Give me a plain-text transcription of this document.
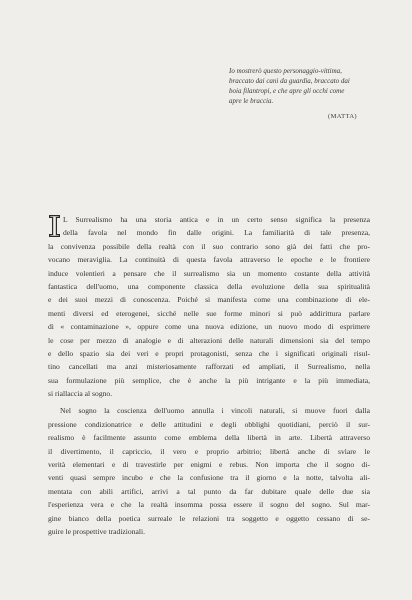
Io mostrerò questo personaggio-vittima,
braccato dai cani da guardia, braccato dai
boia filantropi, e che apre gli occhi come
apre le braccia.
(MATTA)
L Surrealismo ha una storia antica e in un certo senso significa la presenza
della favola nel mondo fin dalle origini. La familiarità di tale presenza,
la convivenza possibile della realtà con il suo contrario sono già dei fatti che pro-
vocano meraviglia. La continuità di questa favola attraverso le epoche e le frontiere
induce volentieri a pensare che il surrealismo sia un momento costante della attività
fantastica dell'uomo, una componente classica della evoluzione della sua spiritualità
e dei suoi mezzi di conoscenza. Poiché si manifesta come una combinazione di ele-
menti diversi ed eterogenei, sicché nelle sue forme minori si può addirittura parlare
di « contaminazione », oppure come una nuova edizione, un nuovo modo di esprimere
le cose per mezzo di analogie e di alterazioni delle naturali dimensioni sia del tempo
e dello spazio sia dei veri e propri protagonisti, senza che i significati originali risul-
tino cancellati ma anzi misteriosamente rafforzati ed ampliati, il Surrealismo, nella
sua formulazione più semplice, che è anche la più intrigante e la più immediata,
si riallaccia al sogno.
Nel sogno la coscienza dell'uomo annulla i vincoli naturali, si muove fuori dalla
pressione condizionatrice e delle attitudini e degli obblighi quotidiani, perciò il sur-
realismo è facilmente assunto come emblema della libertà in arte. Libertà attraverso
il divertimento, il capriccio, il vero e proprio arbitrio; libertà anche di svìare le
verità elementari e di travestirle per enigmi e rebus. Non importa che il sogno di-
venti quasi sempre incubo e che la confusione tra il giorno e la notte, talvolta ali-
mentata con abili artifici, arrivi a tal punto da far dubitare quale delle due sia
l'esperienza vera e che la realtà insomma possa essere il sogno del sogno. Sul mar-
gine bianco della poetica surreale le relazioni tra soggetto e oggetto cessano di se-
guire le prospettive tradizionali.
